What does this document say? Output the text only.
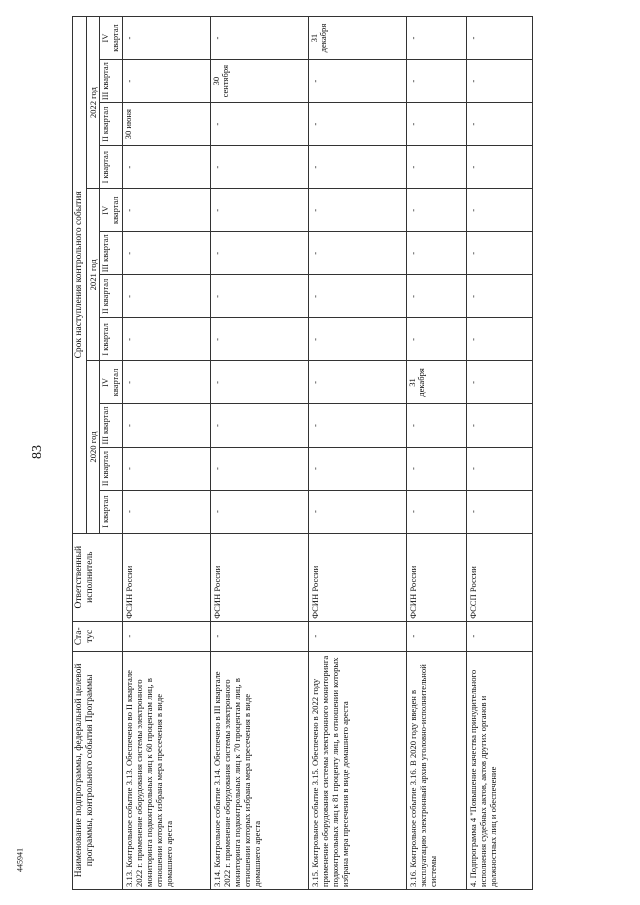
83
445941	Наименование подпрограммы, федеральной целевой программы, контрольного события Программы	Ста-тус	Ответственный исполнитель	Срок наступления контрольного события											
			2020 год				2021 год				2022 год			
			I квартал	II квартал	III квартал	IV квартал	I квартал	II квартал	III квартал	IV квартал	I квартал	II квартал	III квартал	IV квартал
3.13. Контрольное событие 3.13. Обеспечено во II квартале 2022 г. применение оборудования системы электронного мониторинга подконтрольных лиц к 60 процентам лиц, в отношении которых избрана мера пресечения в виде домашнего ареста	-	ФСИН России	-	-	-	-	-	-	-	-	-	30 июня	-	-

3.14. Контрольное событие 3.14. Обеспечено в III квартале 2022 г. применение оборудования системы электронного мониторинга подконтрольных лиц к 70 процентам лиц, в отношении которых избрана мера пресечения в виде домашнего ареста	-	ФСИН России	-	-	-	-	-	-	-	-	-	-	30 сентября	-

3.15. Контрольное событие 3.15. Обеспечено в 2022 году применение оборудования системы электронного мониторинга подконтрольных лиц к 81 проценту лиц, в отношении которых избрана мера пресечения в виде домашнего ареста	-	ФСИН России	-	-	-	-	-	-	-	-	-	-	-	31 декабря

3.16. Контрольное событие 3.16. В 2020 году введен в эксплуатацию электронный архив уголовно-исполнительной системы	-	ФСИН России	-	-	-	31 декабря	-	-	-	-	-	-	-	-

4. Подпрограмма 4 "Повышение качества принудительного исполнения судебных актов, актов других органов и должностных лиц и обеспечение	-	ФССП России	-	-	-	-	-	-	-	-	-	-	-	-
